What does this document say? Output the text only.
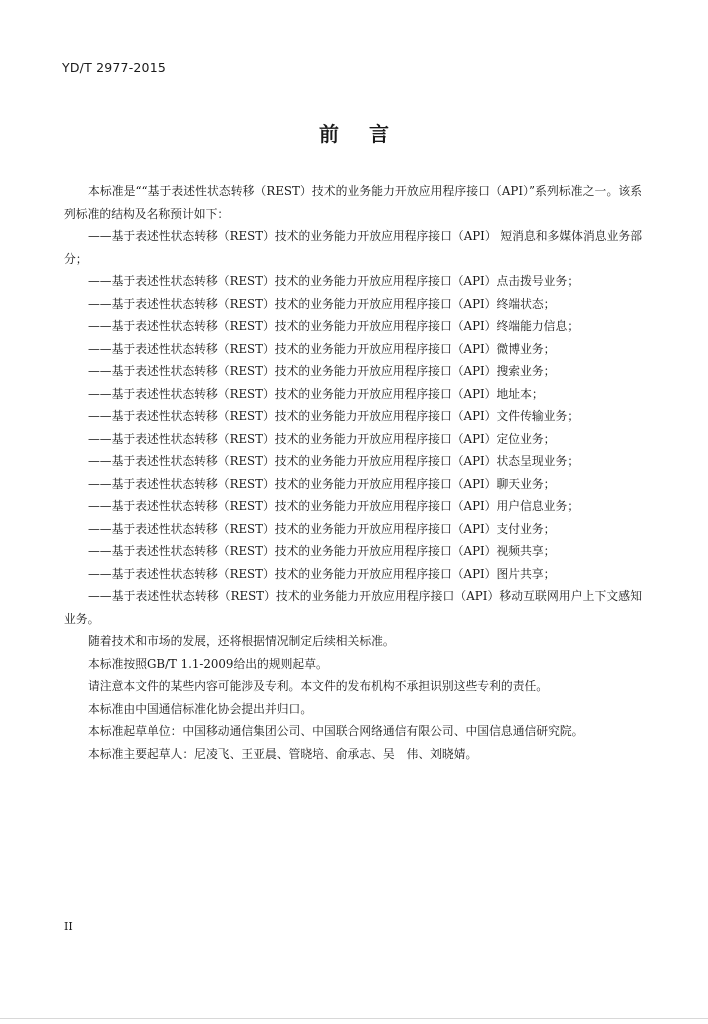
YD/T 2977-2015
前言

本标准是““基于表述性状态转移（REST）技术的业务能力开放应用程序接口（API）”系列标准之一。该系列标准的结构及名称预计如下：

——基于表述性状态转移（REST）技术的业务能力开放应用程序接口（API） 短消息和多媒体消息业务部分；

——基于表述性状态转移（REST）技术的业务能力开放应用程序接口（API）点击拨号业务；

——基于表述性状态转移（REST）技术的业务能力开放应用程序接口（API）终端状态；

——基于表述性状态转移（REST）技术的业务能力开放应用程序接口（API）终端能力信息；

——基于表述性状态转移（REST）技术的业务能力开放应用程序接口（API）微博业务；

——基于表述性状态转移（REST）技术的业务能力开放应用程序接口（API）搜索业务；

——基于表述性状态转移（REST）技术的业务能力开放应用程序接口（API）地址本；

——基于表述性状态转移（REST）技术的业务能力开放应用程序接口（API）文件传输业务；

——基于表述性状态转移（REST）技术的业务能力开放应用程序接口（API）定位业务；

——基于表述性状态转移（REST）技术的业务能力开放应用程序接口（API）状态呈现业务；

——基于表述性状态转移（REST）技术的业务能力开放应用程序接口（API）聊天业务；

——基于表述性状态转移（REST）技术的业务能力开放应用程序接口（API）用户信息业务；

——基于表述性状态转移（REST）技术的业务能力开放应用程序接口（API）支付业务；

——基于表述性状态转移（REST）技术的业务能力开放应用程序接口（API）视频共享；

——基于表述性状态转移（REST）技术的业务能力开放应用程序接口（API）图片共享；

——基于表述性状态转移（REST）技术的业务能力开放应用程序接口（API）移动互联网用户上下文感知业务。

随着技术和市场的发展，还将根据情况制定后续相关标准。

本标准按照GB/T 1.1-2009给出的规则起草。

请注意本文件的某些内容可能涉及专利。本文件的发布机构不承担识别这些专利的责任。

本标准由中国通信标准化协会提出并归口。

本标准起草单位：中国移动通信集团公司、中国联合网络通信有限公司、中国信息通信研究院。

本标准主要起草人：尼凌飞、王亚晨、管晓培、俞承志、吴　伟、刘晓婧。

II
